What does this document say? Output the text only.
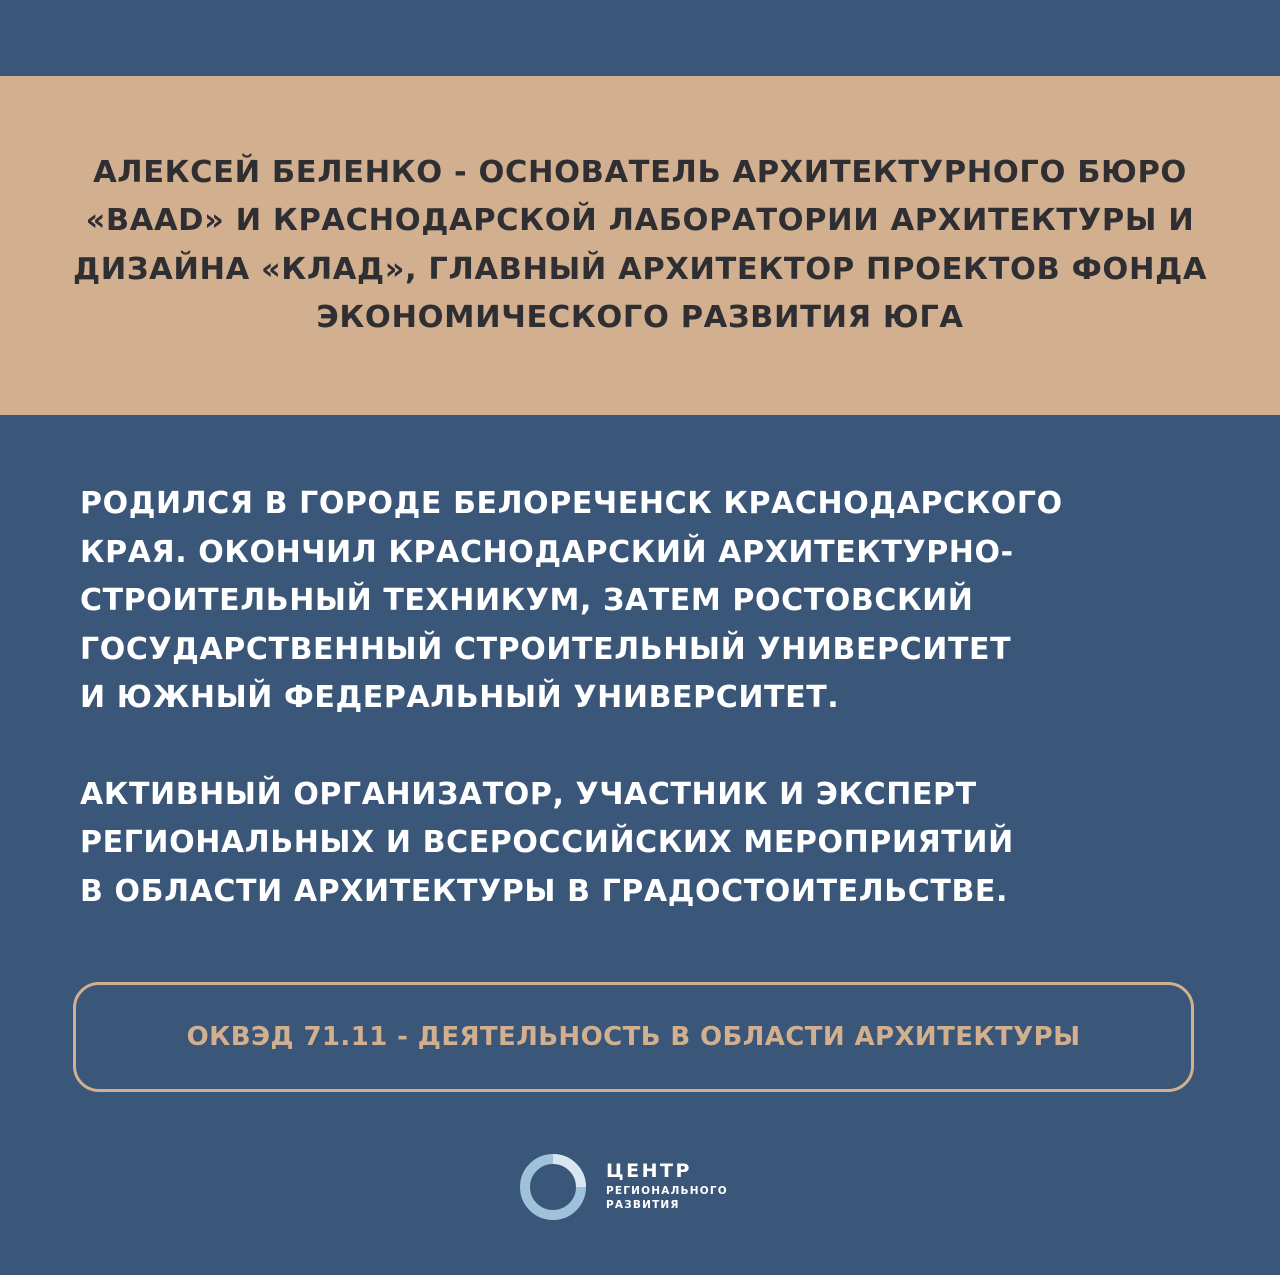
АЛЕКСЕЙ БЕЛЕНКО - ОСНОВАТЕЛЬ АРХИТЕКТУРНОГО БЮРО «BAAD» И КРАСНОДАРСКОЙ ЛАБОРАТОРИИ АРХИТЕКТУРЫ И ДИЗАЙНА «КЛАД», ГЛАВНЫЙ АРХИТЕКТОР ПРОЕКТОВ ФОНДА ЭКОНОМИЧЕСКОГО РАЗВИТИЯ ЮГА

РОДИЛСЯ В ГОРОДЕ БЕЛОРЕЧЕНСК КРАСНОДАРСКОГО
КРАЯ. ОКОНЧИЛ КРАСНОДАРСКИЙ АРХИТЕКТУРНО-
СТРОИТЕЛЬНЫЙ ТЕХНИКУМ, ЗАТЕМ РОСТОВСКИЙ
ГОСУДАРСТВЕННЫЙ СТРОИТЕЛЬНЫЙ УНИВЕРСИТЕТ
И ЮЖНЫЙ ФЕДЕРАЛЬНЫЙ УНИВЕРСИТЕТ.

АКТИВНЫЙ ОРГАНИЗАТОР, УЧАСТНИК И ЭКСПЕРТ
РЕГИОНАЛЬНЫХ И ВСЕРОССИЙСКИХ МЕРОПРИЯТИЙ
В ОБЛАСТИ АРХИТЕКТУРЫ В ГРАДОСТОИТЕЛЬСТВЕ.

ОКВЭД 71.11 - ДЕЯТЕЛЬНОСТЬ В ОБЛАСТИ АРХИТЕКТУРЫ
ЦЕНТР
РЕГИОНАЛЬНОГО
РАЗВИТИЯ
